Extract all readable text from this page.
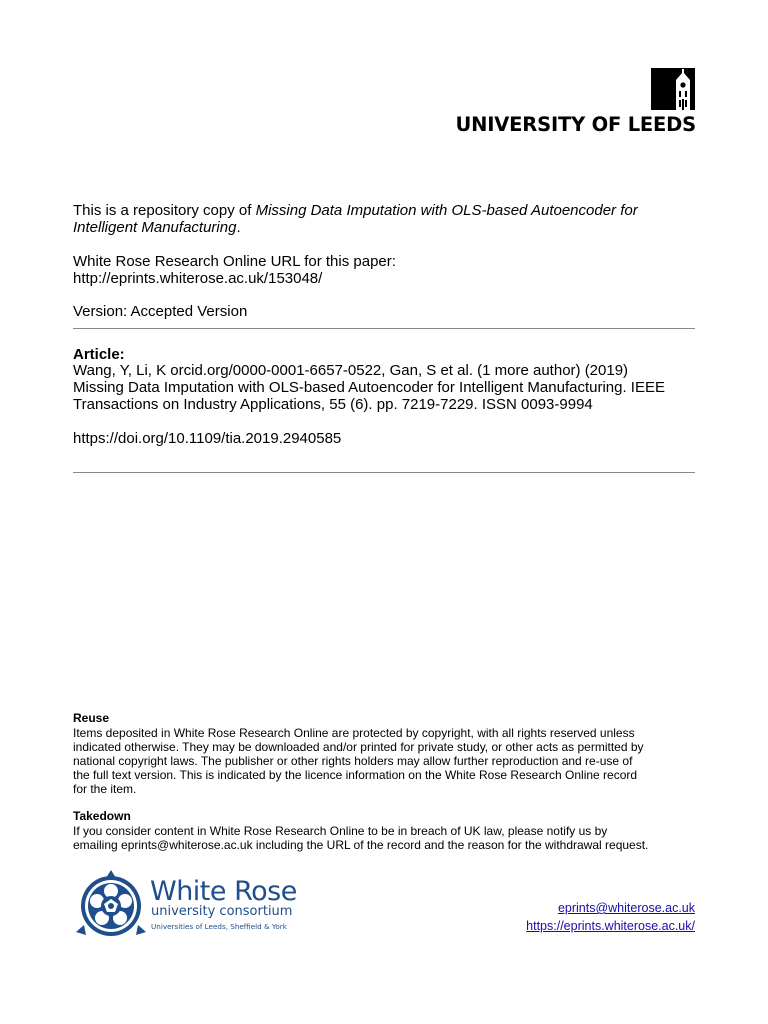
UNIVERSITY OF LEEDS
This is a repository copy of Missing Data Imputation with OLS-based Autoencoder for
Intelligent Manufacturing.
White Rose Research Online URL for this paper:
http://eprints.whiterose.ac.uk/153048/
Version: Accepted Version
Article:
Wang, Y, Li, K orcid.org/0000-0001-6657-0522, Gan, S et al. (1 more author) (2019)
Missing Data Imputation with OLS-based Autoencoder for Intelligent Manufacturing. IEEE
Transactions on Industry Applications, 55 (6). pp. 7219-7229. ISSN 0093-9994
https://doi.org/10.1109/tia.2019.2940585
Reuse
Items deposited in White Rose Research Online are protected by copyright, with all rights reserved unless
indicated otherwise. They may be downloaded and/or printed for private study, or other acts as permitted by
national copyright laws. The publisher or other rights holders may allow further reproduction and re-use of
the full text version. This is indicated by the licence information on the White Rose Research Online record
for the item.
Takedown
If you consider content in White Rose Research Online to be in breach of UK law, please notify us by
emailing eprints@whiterose.ac.uk including the URL of the record and the reason for the withdrawal request.
White Rose
university consortium
Universities of Leeds, Sheffield & York
eprints@whiterose.ac.uk
https://eprints.whiterose.ac.uk/
